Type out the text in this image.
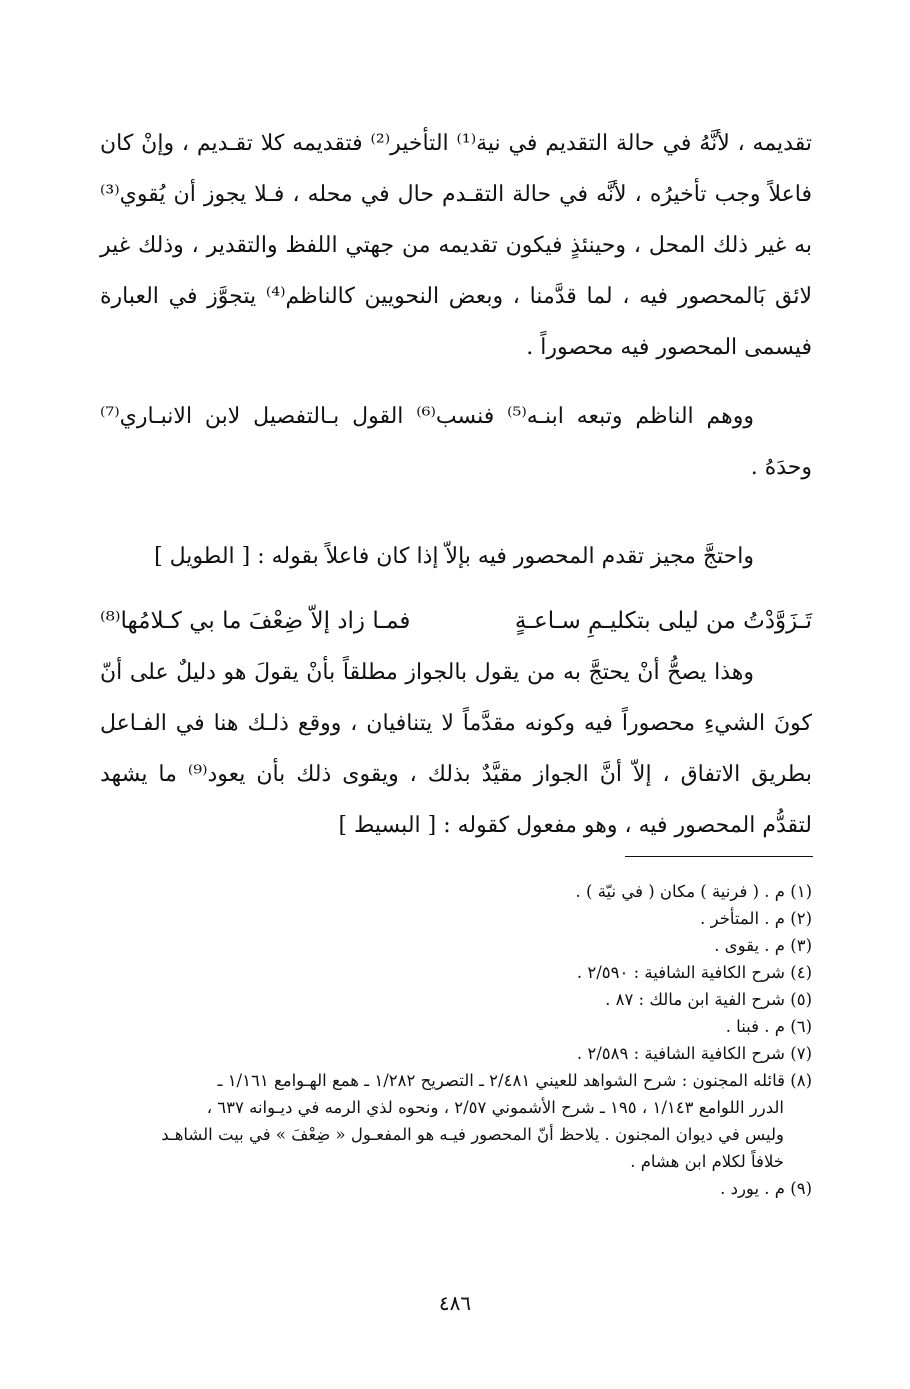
تقديمه ، لأنَّهُ في حالة التقديم في نية⁽¹⁾ التأخير⁽²⁾ فتقديمه كلا تقـديم ، وإنْ كان فاعلاً وجب تأخيرُه ، لأنَّه في حالة التقـدم حال في محله ، فـلا يجوز أن يُقوي⁽³⁾ به غير ذلك المحل ، وحينئذٍ فيكون تقديمه من جهتي اللفظ والتقدير ، وذلك غير لائق بَالمحصور فيه ، لما قدَّمنا ، وبعض النحويين كالناظم⁽⁴⁾ يتجوَّز في العبارة فيسمى المحصور فيه محصوراً .

ووهم الناظم وتبعه ابنـه⁽⁵⁾ فنسب⁽⁶⁾ القول بـالتفصيل لابن الانبـاري⁽⁷⁾ وحدَهُ .

واحتجَّ مجيز تقدم المحصور فيه بإلاّ إذا كان فاعلاً بقوله : [ الطويل ]

تَـزَوَّدْتُ من ليلى بتكليـمِ سـاعـةٍ
فمـا زاد إلاّ ضِعْفَ ما بي كـلامُها⁽⁸⁾

وهذا يصحُّ أنْ يحتجَّ به من يقول بالجواز مطلقاً بأنْ يقولَ هو دليلٌ على أنّ كونَ الشيءِ محصوراً فيه وكونه مقدَّماً لا يتنافيان ، ووقع ذلـك هنا في الفـاعل بطريق الاتفاق ، إلاّ أنَّ الجواز مقيَّدٌ بذلك ، ويقوى ذلك بأن يعود⁽⁹⁾ ما يشهد لتقدُّم المحصور فيه ، وهو مفعول كقوله : [ البسيط ]

(١) م . ( فرنية ) مكان ( في نيّة ) .

(٢) م . المتأخر .

(٣) م . يقوى .

(٤) شرح الكافية الشافية : ٢/٥٩٠ .

(٥) شرح الفية ابن مالك : ٨٧ .

(٦) م . فبنا .

(٧) شرح الكافية الشافية : ٢/٥٨٩ .

(٨) قائله المجنون : شرح الشواهد للعيني ٢/٤٨١ ـ التصريح ١/٢٨٢ ـ همع الهـوامع ١/١٦١ ـ

الدرر اللوامع ١/١٤٣ ، ١٩٥ ـ شرح الأشموني ٢/٥٧ ، ونحوه لذي الرمه في ديـوانه ٦٣٧ ،

وليس في ديوان المجنون . يلاحظ أنّ المحصور فيـه هو المفعـول « ضِعْفَ » في بيت الشاهـد

خلافاً لكلام ابن هشام .

(٩) م . يورد .

٤٨٦
